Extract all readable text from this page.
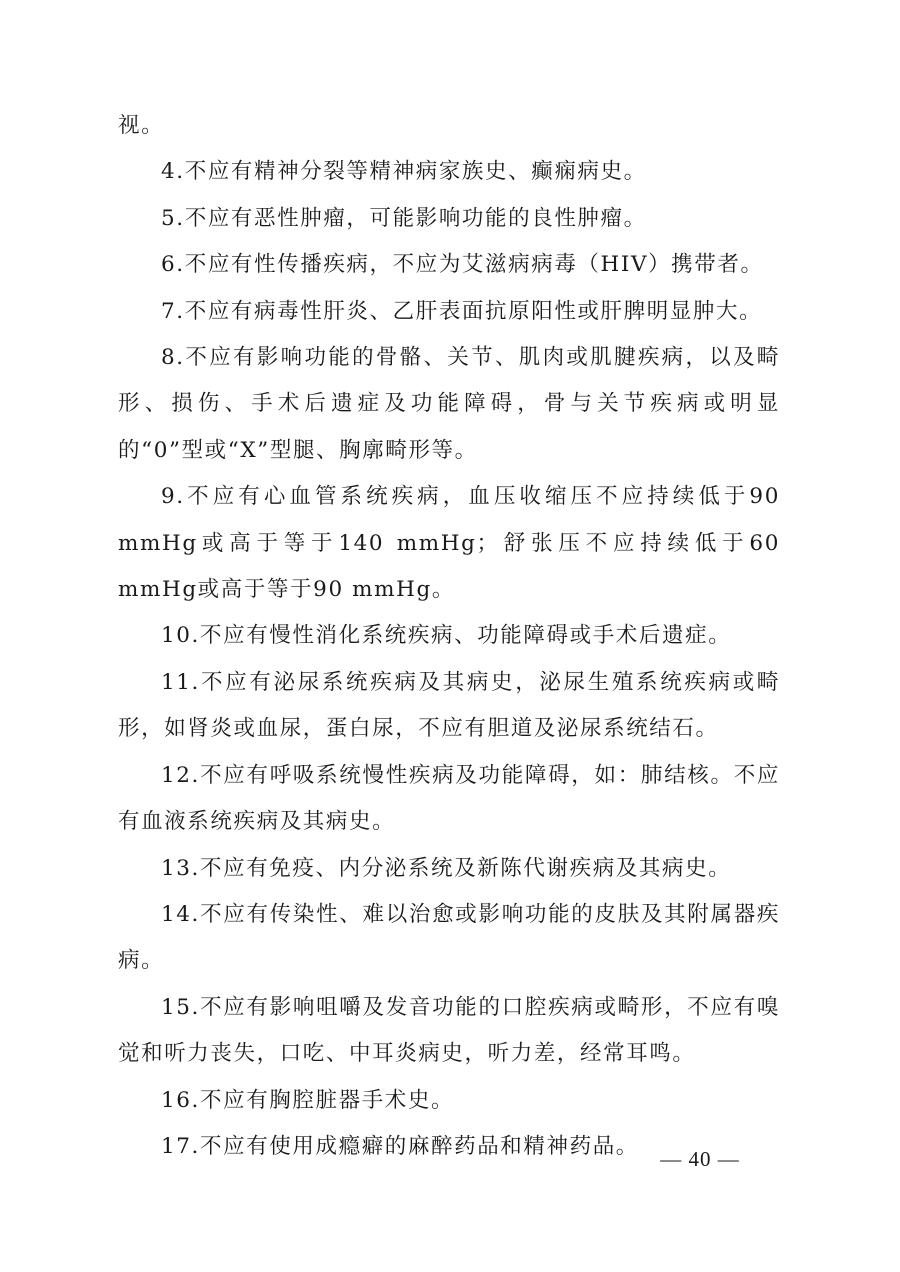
视。

4.不应有精神分裂等精神病家族史、癫痫病史。

5.不应有恶性肿瘤，可能影响功能的良性肿瘤。

6.不应有性传播疾病，不应为艾滋病病毒（HIV）携带者。

7.不应有病毒性肝炎、乙肝表面抗原阳性或肝脾明显肿大。

8.不应有影响功能的骨骼、关节、肌肉或肌腱疾病，以及畸形、损伤、手术后遗症及功能障碍，骨与关节疾病或明显的“0”型或“X”型腿、胸廓畸形等。

9.不应有心血管系统疾病，血压收缩压不应持续低于90 mmHg或高于等于140 mmHg；舒张压不应持续低于60 mmHg或高于等于90 mmHg。

10.不应有慢性消化系统疾病、功能障碍或手术后遗症。

11.不应有泌尿系统疾病及其病史，泌尿生殖系统疾病或畸形，如肾炎或血尿，蛋白尿，不应有胆道及泌尿系统结石。

12.不应有呼吸系统慢性疾病及功能障碍，如：肺结核。不应有血液系统疾病及其病史。

13.不应有免疫、内分泌系统及新陈代谢疾病及其病史。

14.不应有传染性、难以治愈或影响功能的皮肤及其附属器疾病。

15.不应有影响咀嚼及发音功能的口腔疾病或畸形，不应有嗅觉和听力丧失，口吃、中耳炎病史，听力差，经常耳鸣。

16.不应有胸腔脏器手术史。

17.不应有使用成瘾癖的麻醉药品和精神药品。

— 40 —
